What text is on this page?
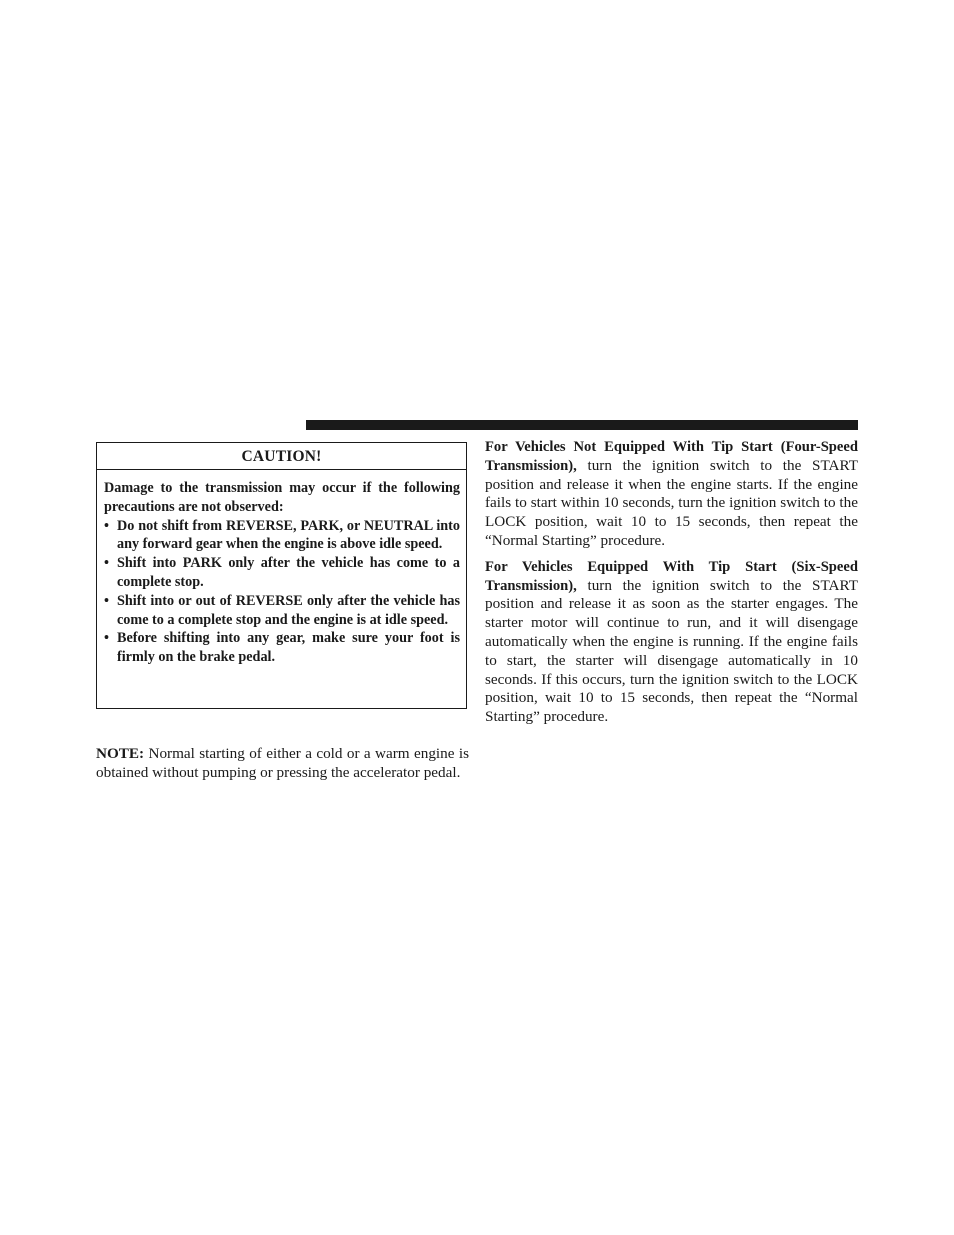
CAUTION!

Damage to the transmission may occur if the following precautions are not observed:

• Do not shift from REVERSE, PARK, or NEUTRAL into any forward gear when the engine is above idle speed.
• Shift into PARK only after the vehicle has come to a complete stop.
• Shift into or out of REVERSE only after the vehicle has come to a complete stop and the engine is at idle speed.
• Before shifting into any gear, make sure your foot is firmly on the brake pedal.

NOTE: Normal starting of either a cold or a warm engine is obtained without pumping or pressing the accelerator pedal.

For Vehicles Not Equipped With Tip Start (Four-Speed Transmission), turn the ignition switch to the START position and release it when the engine starts. If the engine fails to start within 10 seconds, turn the ignition switch to the LOCK position, wait 10 to 15 seconds, then repeat the “Normal Starting” procedure.

For Vehicles Equipped With Tip Start (Six-Speed Transmission), turn the ignition switch to the START position and release it as soon as the starter engages. The starter motor will continue to run, and it will disengage automatically when the engine is running. If the engine fails to start, the starter will disengage automatically in 10 seconds. If this occurs, turn the ignition switch to the LOCK position, wait 10 to 15 seconds, then repeat the “Normal Starting” procedure.
